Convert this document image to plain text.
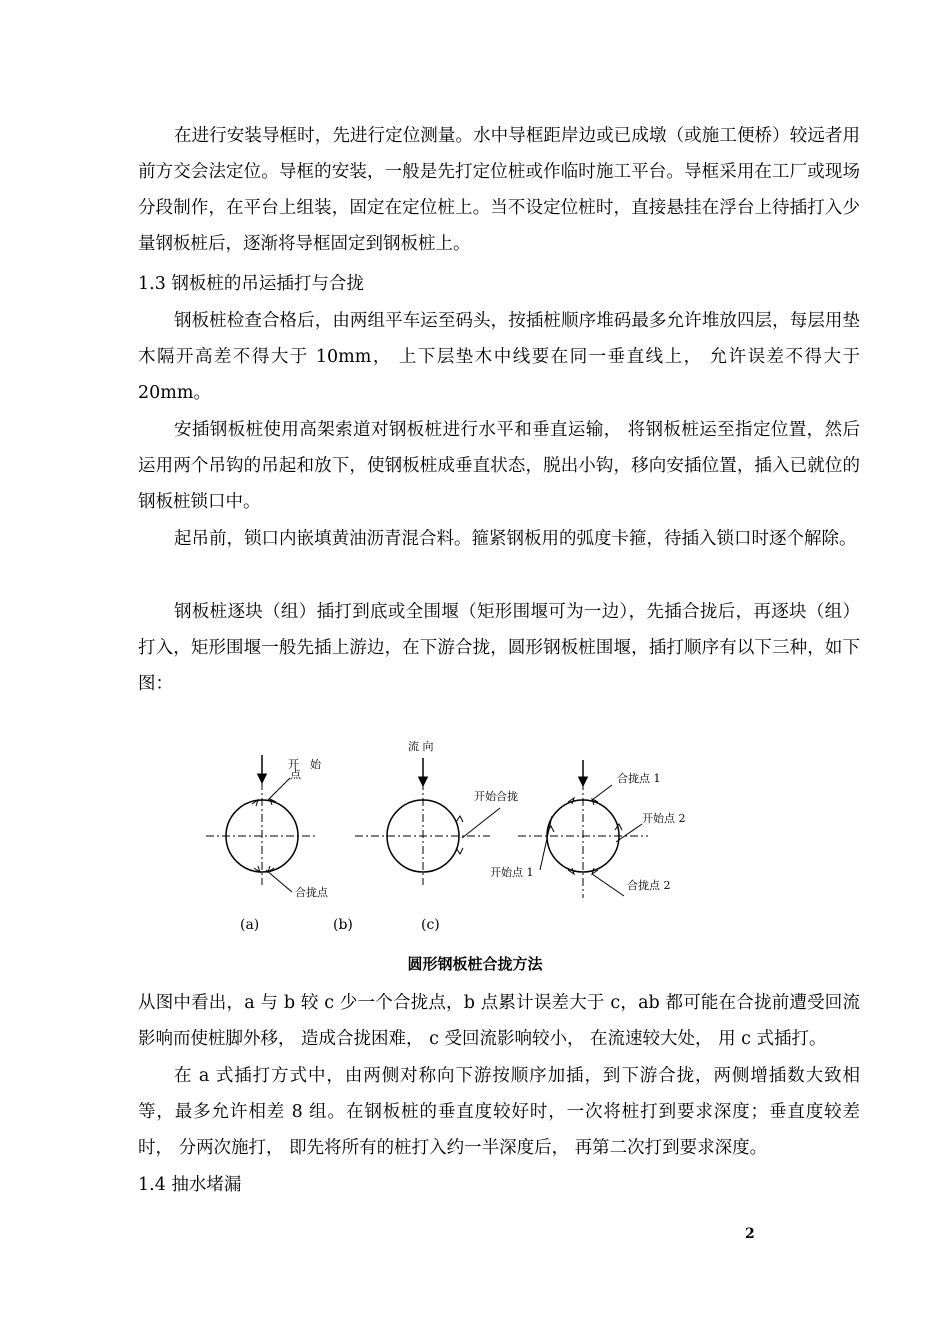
在进行安装导框时，先进行定位测量。水中导框距岸边或已成墩（或施工便桥）较远者用前方交会法定位。导框的安装，一般是先打定位桩或作临时施工平台。导框采用在工厂或现场分段制作，在平台上组装，固定在定位桩上。当不设定位桩时，直接悬挂在浮台上待插打入少量钢板桩后，逐渐将导框固定到钢板桩上。

1.3 钢板桩的吊运插打与合拢

钢板桩检查合格后，由两组平车运至码头，按插桩顺序堆码最多允许堆放四层，每层用垫木隔开高差不得大于 10mm， 上下层垫木中线要在同一垂直线上， 允许误差不得大于 20mm。

安插钢板桩使用高架索道对钢板桩进行水平和垂直运输， 将钢板桩运至指定位置，然后运用两个吊钩的吊起和放下，使钢板桩成垂直状态，脱出小钩，移向安插位置，插入已就位的钢板桩锁口中。

起吊前，锁口内嵌填黄油沥青混合料。箍紧钢板用的弧度卡箍，待插入锁口时逐个解除。

钢板桩逐块（组）插打到底或全围堰（矩形围堰可为一边），先插合拢后，再逐块（组）打入，矩形围堰一般先插上游边，在下游合拢，圆形钢板桩围堰，插打顺序有以下三种，如下图：

开　始
点
合拢点
流 向
开始合拢
合拢点 1
开始点 2
开始点 1
合拢点 2
(a)	(b)	(c)
圆形钢板桩合拢方法

从图中看出，a 与 b 较 c 少一个合拢点，b 点累计误差大于 c，ab 都可能在合拢前遭受回流影响而使桩脚外移， 造成合拢困难， c 受回流影响较小， 在流速较大处， 用 c 式插打。

在 a 式插打方式中，由两侧对称向下游按顺序加插，到下游合拢，两侧增插数大致相等，最多允许相差 8 组。在钢板桩的垂直度较好时，一次将桩打到要求深度；垂直度较差时， 分两次施打， 即先将所有的桩打入约一半深度后， 再第二次打到要求深度。

1.4 抽水堵漏

2
